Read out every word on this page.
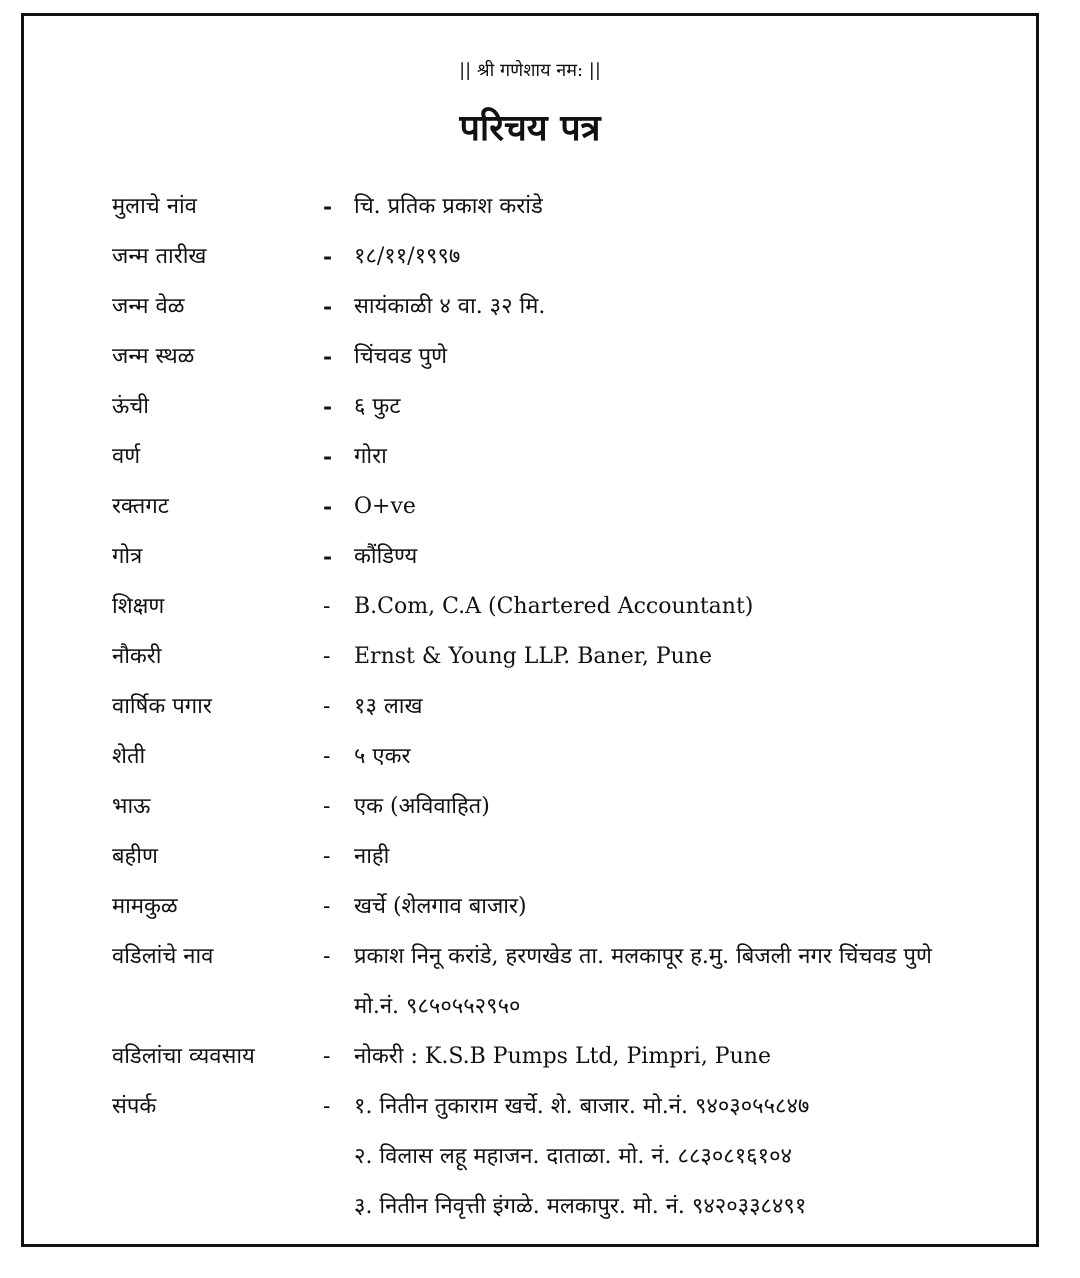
|| श्री गणेशाय नम: ||
परिचय पत्र
मुलाचे नांव	- चि. प्रतिक प्रकाश करांडे
जन्म तारीख	- १८/११/१९९७
जन्म वेळ	- सायंकाळी ४ वा. ३२ मि.
जन्म स्थळ	- चिंचवड पुणे
ऊंची	- ६ फुट
वर्ण	- गोरा
रक्तगट	- O+ve
गोत्र	- कौंडिण्य
शिक्षण	-	B.Com, C.A (Chartered Accountant)
नौकरी	-	Ernst & Young LLP. Baner, Pune
वार्षिक पगार	-	१३ लाख
शेती	-	५ एकर
भाऊ	-	एक (अविवाहित)
बहीण	-	नाही
मामकुळ	-	खर्चे (शेलगाव बाजार)
वडिलांचे नाव	-	प्रकाश निनू करांडे, हरणखेड ता. मलकापूर ह.मु. बिजली नगर चिंचवड पुणे
मो.नं. ९८५०५५२९५०
वडिलांचा व्यवसाय	-	नोकरी : K.S.B Pumps Ltd, Pimpri, Pune
संपर्क	-	१. नितीन तुकाराम खर्चे. शे. बाजार. मो.नं. ९४०३०५५८४७
२. विलास लहू महाजन. दाताळा. मो. नं. ८८३०८१६१०४
३. नितीन निवृत्ती इंगळे. मलकापुर. मो. नं. ९४२०३३८४९१
